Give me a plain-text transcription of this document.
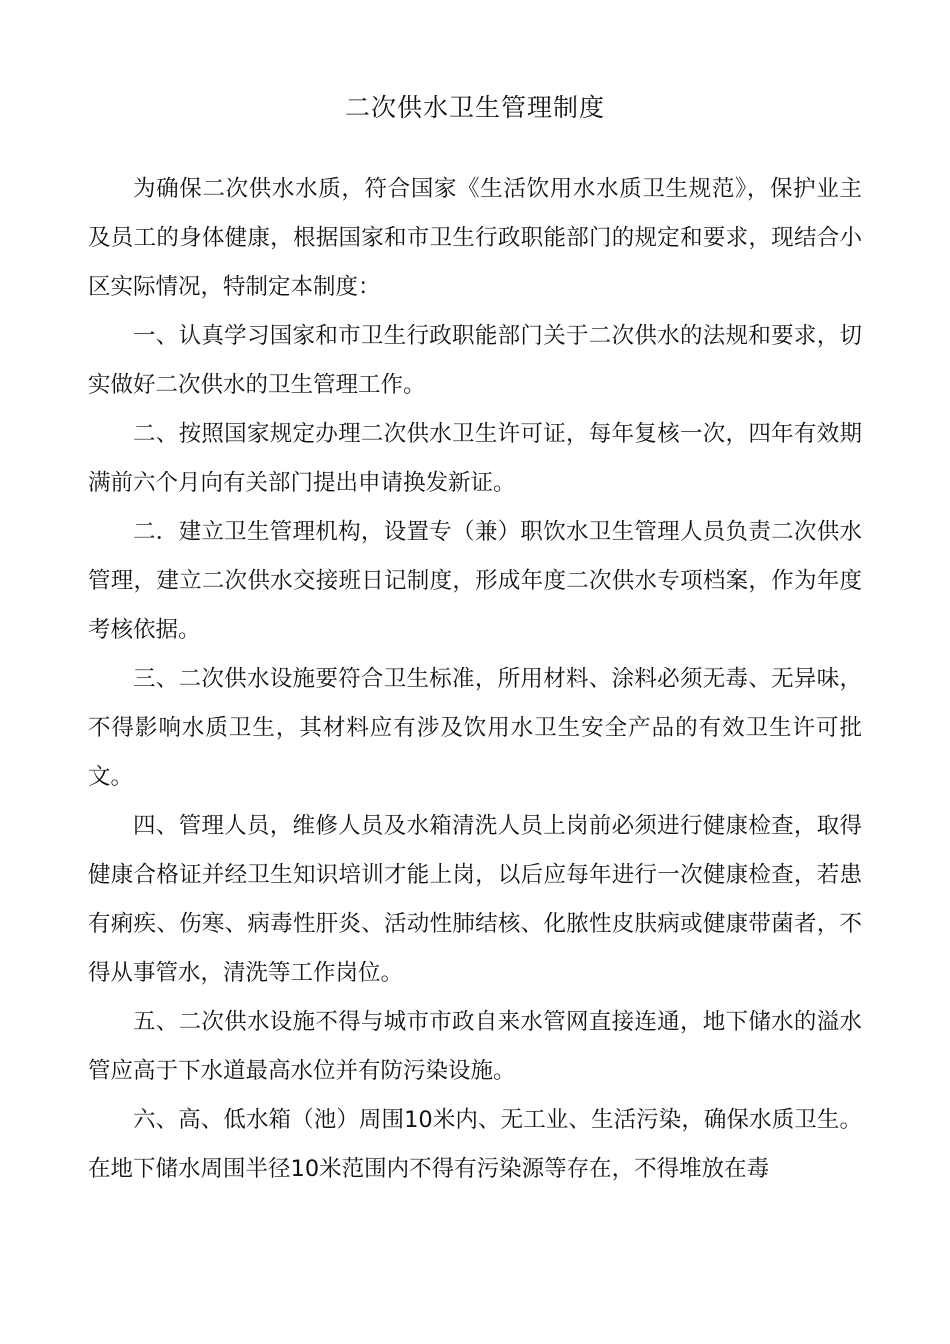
二次供水卫生管理制度

为确保二次供水水质，符合国家《生活饮用水水质卫生规范》，保护业主及员工的身体健康，根据国家和市卫生行政职能部门的规定和要求，现结合小区实际情况，特制定本制度：

一、认真学习国家和市卫生行政职能部门关于二次供水的法规和要求，切实做好二次供水的卫生管理工作。

二、按照国家规定办理二次供水卫生许可证，每年复核一次，四年有效期满前六个月向有关部门提出申请换发新证。

二．建立卫生管理机构，设置专（兼）职饮水卫生管理人员负责二次供水管理，建立二次供水交接班日记制度，形成年度二次供水专项档案，作为年度考核依据。

三、二次供水设施要符合卫生标准，所用材料、涂料必须无毒、无异味，不得影响水质卫生，其材料应有涉及饮用水卫生安全产品的有效卫生许可批文。

四、管理人员，维修人员及水箱清洗人员上岗前必须进行健康检查，取得健康合格证并经卫生知识培训才能上岗，以后应每年进行一次健康检查，若患有痢疾、伤寒、病毒性肝炎、活动性肺结核、化脓性皮肤病或健康带菌者，不得从事管水，清洗等工作岗位。

五、二次供水设施不得与城市市政自来水管网直接连通，地下储水的溢水管应高于下水道最高水位并有防污染设施。

六、高、低水箱（池）周围10米内、无工业、生活污染，确保水质卫生。在地下储水周围半径10米范围内不得有污染源等存在，不得堆放在毒
